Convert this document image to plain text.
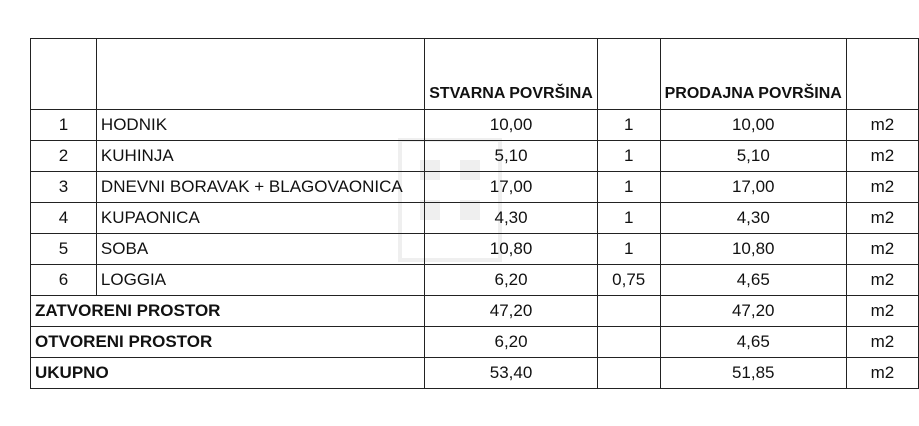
		STVARNA POVRŠINA		PRODAJNA POVRŠINA	
1	HODNIK	10,00	1	10,00	m2
2	KUHINJA	5,10	1	5,10	m2
3	DNEVNI BORAVAK + BLAGOVAONICA	17,00	1	17,00	m2
4	KUPAONICA	4,30	1	4,30	m2
5	SOBA	10,80	1	10,80	m2
6	LOGGIA	6,20	0,75	4,65	m2
ZATVORENI PROSTOR		47,20		47,20	m2
OTVORENI PROSTOR		6,20		4,65	m2
UKUPNO		53,40		51,85	m2
